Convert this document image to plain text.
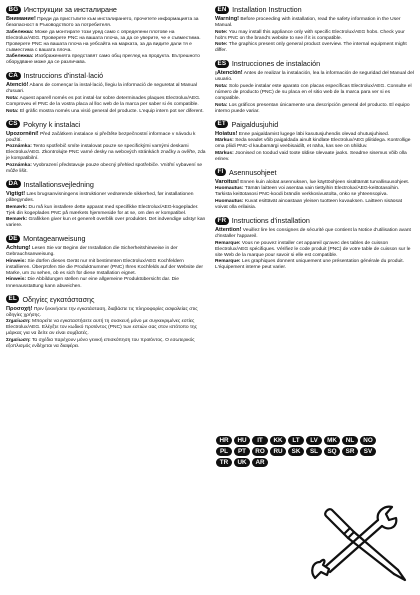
BG Инструкции за инсталиране

Внимание! Преди да пристъпите към инсталирането, прочетете информацията за безопасност в Ръководството за потребителя.

Забележка: Може да монтирате този уред само с определени плотове на Electrolux/AEG. Проверете PNC на вашата плоча, за да се уверите, че е съвместима. Проверете PNC на вашата плоча на уебсайта на марката, за да видите дали тя е съвместима с вашата плоча.

Забележка: Изображенията представят само общ преглед на продукта. Вътрешното оборудване може да се различава.

CA Instruccions d'instal·lació

Atenció! Abans de començar la instal·lació, llegiu la informació de seguretat al Manual d'usuari.

Nota: Aquest aparell només es pot instal·lar sobre determinades plaques Electrolux/AEG. Comproveu el PNC de la vostra placa al lloc web de la marca per saber si és compatible.

Nota: El gràfic mostra només una visió general del producte. L'equip intern pot ser diferent.

CS Pokyny k instalaci

Upozornění! Před začátkem instalace si přečtěte bezpečnostní informace v návodu k použití.

Poznámka: Tento spotřebič smíte instalovat pouze se specifickými varnými deskami Electrolux/AEG. Zkontrolujte PNC varné desky na webových stránkách značky a ověřte, zda je kompatibilní.

Poznámka: Vyobrazení představuje pouze obecný přehled spotřebiče. Vnitřní vybavení se může lišit.

DA Installationsvejledning

Vigtigt! Læs brugsanvisningens instruktioner vedrørende sikkerhed, før installationen påbegyndes.

Bemærk: Du må kun installere dette apparat med specifikke Electrolux/AEG-kogeplader. Tjek din kogeplades PNC på mærkets hjemmeside for at se, om den er kompatibel.

Bemærk: Grafikken giver kun et generelt overblik over produktet. Det indvendige udstyr kan variere.

DE Montageanweisung

Achtung! Lesen Sie vor Beginn der Installation die Sicherheitshinweise in der Gebrauchsanweisung.

Hinweis: Sie dürfen dieses Gerät nur mit bestimmten Electrolux/AEG Kochfeldern installieren. Überprüfen Sie die Produktnummer (PNC) Ihres Kochfelds auf der Website der Marke, um zu sehen, ob es sich für diese Installation eignet.

Hinweis: Die Abbildungen stellen nur eine allgemeine Produktübersicht dar. Die Innenausstattung kann abweichen.

EL Οδηγίες εγκατάστασης

Προσοχή! Πριν ξεκινήσετε την εγκατάσταση, διαβάστε τις πληροφορίες ασφαλείας στις οδηγίες χρήσης.

Σημείωση: Μπορείτε να εγκαταστήσετε αυτή τη συσκευή μόνο με συγκεκριμένες εστίες Electrolux/AEG. Ελέγξτε τον κωδικό προϊόντος (PNC) των εστιών σας στον ιστότοπο της μάρκας για να δείτε αν είναι συμβατές.

Σημείωση: Τα σχέδια παρέχουν μόνο γενική επισκόπηση του προϊόντος. Ο εσωτερικός εξοπλισμός ενδέχεται να διαφέρει.

EN Installation Instruction

Warning! Before proceeding with installation, read the safety information in the User Manual.

Note: You may install this appliance only with specific Electrolux/AEG hobs. Check your hob's PNC on the brand's website to see if it is compatible.

Note: The graphics present only general product overview. The internal equipment might differ.

ES Instrucciones de instalación

¡Atención! Antes de realizar la instalación, lea la información de seguridad del Manual del usuario.

Nota: Solo puede instalar este aparato con placas específicas Electrolux/AEG. Consulte el número de producto (PNC) de su placa en el sitio web de la marca para ver si es compatible.

Nota: Los gráficos presentan únicamente una descripción general del producto. El equipo interno puede variar.

ET Paigaldusjuhid

Hoiatus! Enne paigaldamist lugege läbi kasutusjuhendis olevad ohutusjuhised.

Märkus: Seda seadet võib paigaldada ainult kindlate Electrolux/AEG pliitidega. Kontrollige oma pliidi PNC-d kaubamärgi veebisaidilt, et näha, kas see on ühilduv.

Märkus: Joonised on toodud vaid toote üldise ülevaate jaoks. Seadme sisemus võib olla erinev.

FI Asennusohjeet

Varoitus! Ennen kuin aloitat asennuksen, lue käyttöohjeen sisältämät turvallisuusohjeet.

Huomautus: Tämän laitteen voi asentaa vain tiettyihin Electrolux/AEG-keittotasoihin. Tarkista keittotasosi PNC-koodi brändin verkkosivustolta, onko se yhteensopiva.

Huomautus: Kuvat esittävät ainoastaan yleisen tuotteen kuvauksen. Laitteen sisäosat voivat olla erilaisia.

FR Instructions d'installation

Attention! Veuillez lire les consignes de sécurité que contient la Notice d'utilisation avant d'installer l'appareil.

Remarque: Vous ne pouvez installer cet appareil qu'avec des tables de cuisson Electrolux/AEG spécifiques. Vérifiez le code produit (PNC) de votre table de cuisson sur le site Web de la marque pour savoir si elle est compatible.

Remarque: Les graphiques donnent uniquement une présentation générale du produit. L'équipement interne peut varier.

HR	HU	IT	KK	LT	LV	MK	NL	NO
PL	PT	RO	RU	SK	SL	SQ	SR	SV
TR	UK	AR
